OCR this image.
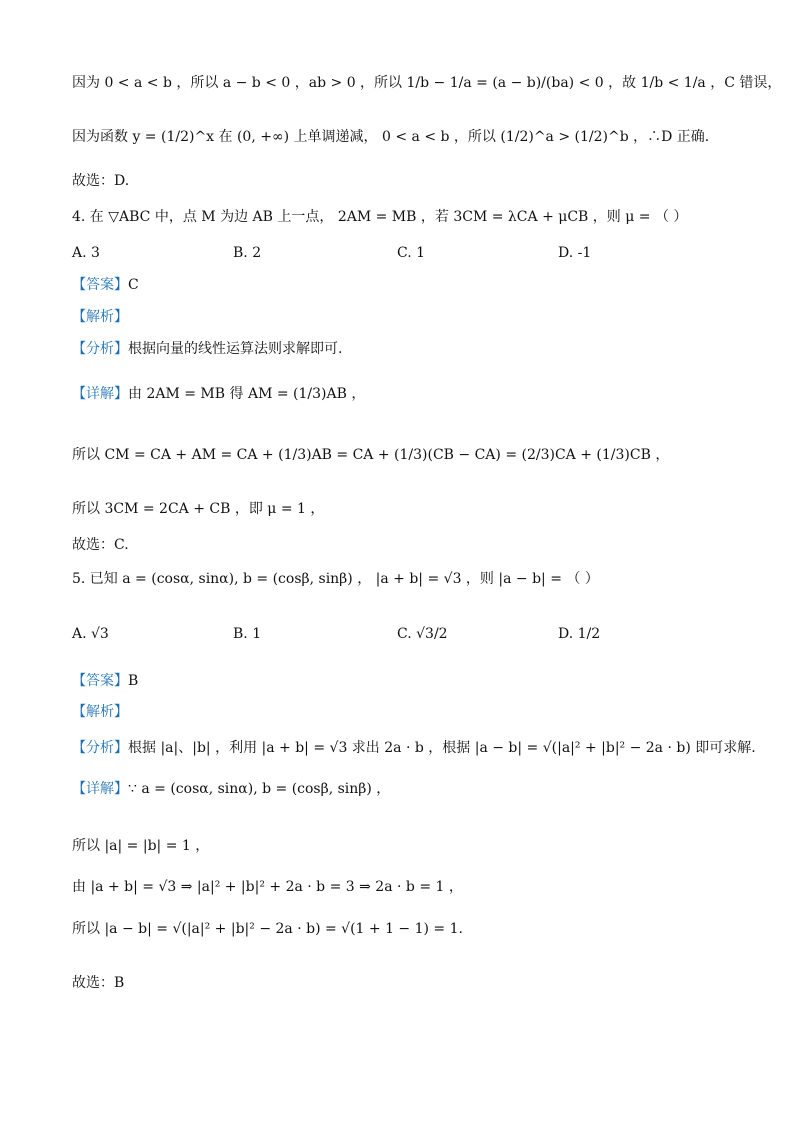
因为 0 < a < b ，所以 a − b < 0 ，ab > 0 ，所以 1/b − 1/a = (a − b)/(ba) < 0 ，故 1/b < 1/a ，C 错误，
因为函数 y = (1/2)^x 在 (0, +∞) 上单调递减， 0 < a < b ，所以 (1/2)^a > (1/2)^b ，∴D 正确．
故选：D.
4. 在 ▽ABC 中，点 M 为边 AB 上一点， 2AM = MB ，若 3CM = λCA + μCB ，则 μ = （ ）
A. 3	B. 2	C. 1	D. -1
【答案】C
【解析】
【分析】根据向量的线性运算法则求解即可.
【详解】由 2AM = MB 得 AM = (1/3)AB ，
所以 CM = CA + AM = CA + (1/3)AB = CA + (1/3)(CB − CA) = (2/3)CA + (1/3)CB ，
所以 3CM = 2CA + CB ，即 μ = 1 ，
故选：C.
5. 已知 a = (cosα, sinα), b = (cosβ, sinβ) ， |a + b| = √3 ，则 |a − b| = （ ）
A. √3	B. 1	C. √3/2	D. 1/2
【答案】B
【解析】
【分析】根据 |a|、|b| ，利用 |a + b| = √3 求出 2a · b ，根据 |a − b| = √(|a|² + |b|² − 2a · b) 即可求解.
【详解】∵ a = (cosα, sinα), b = (cosβ, sinβ) ，
所以 |a| = |b| = 1 ，
由 |a + b| = √3 ⇒ |a|² + |b|² + 2a · b = 3 ⇒ 2a · b = 1 ，
所以 |a − b| = √(|a|² + |b|² − 2a · b) = √(1 + 1 − 1) = 1.
故选：B
